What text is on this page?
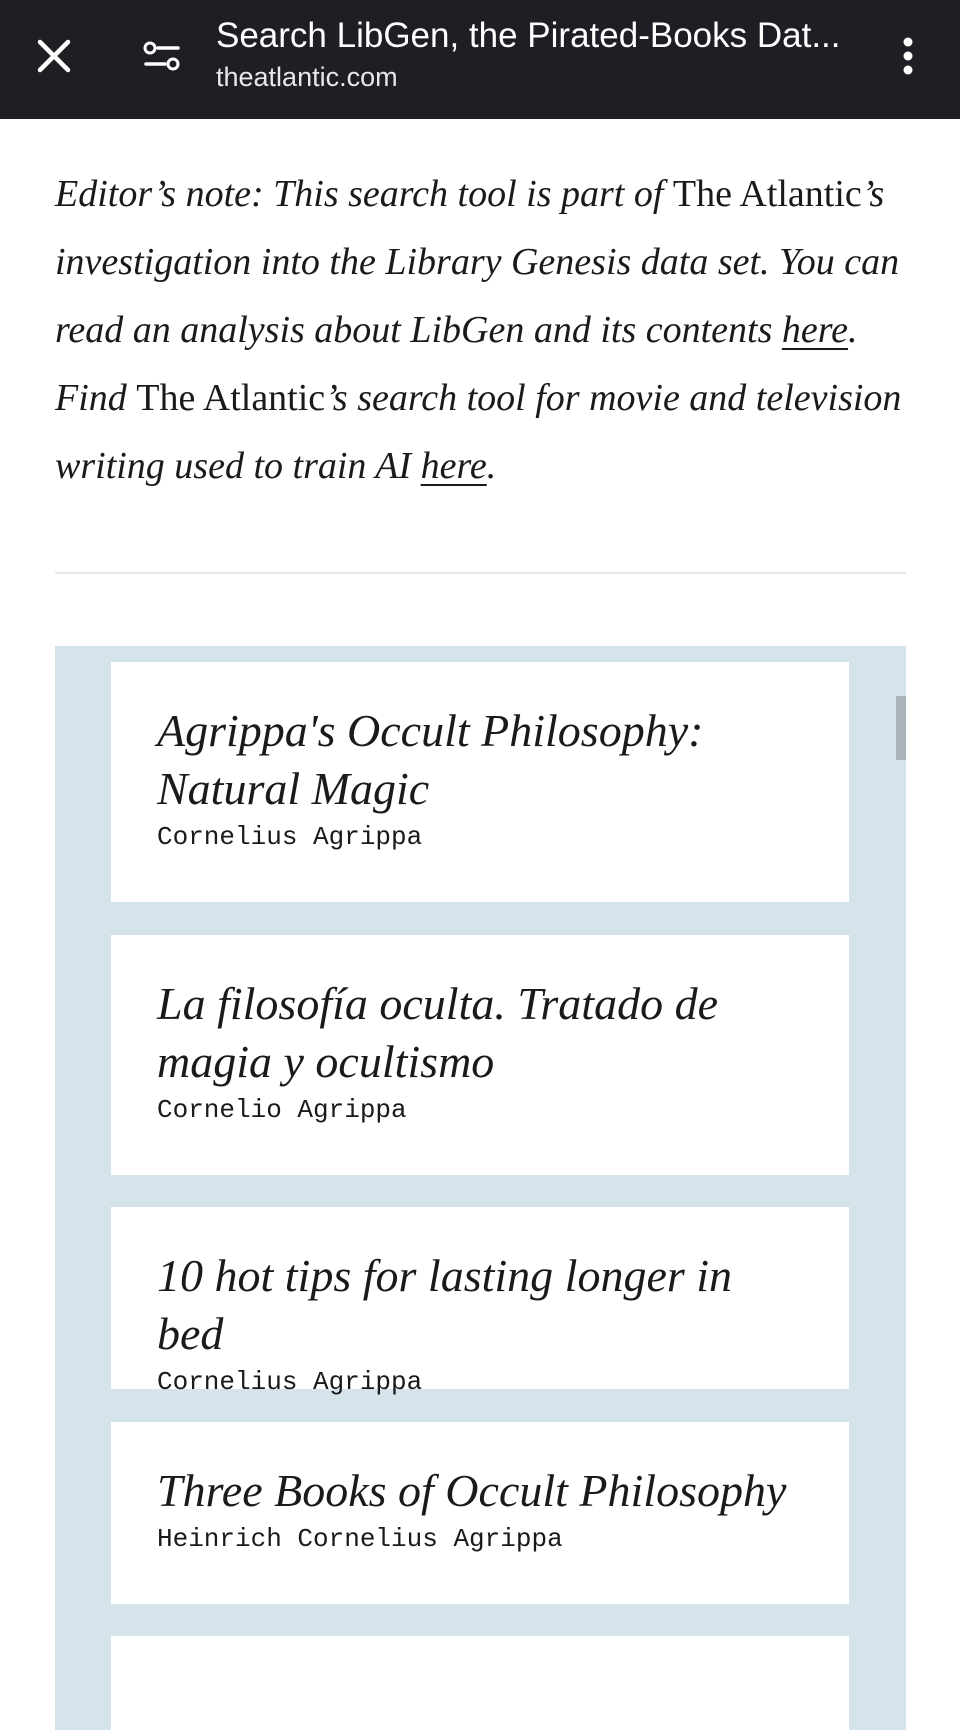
Search LibGen, the Pirated-Books Dat...
theatlantic.com
Editor’s note: This search tool is part of The Atlantic’s investigation into the Library Genesis data set. You can read an analysis about LibGen and its contents here. Find The Atlantic’s search tool for movie and television writing used to train AI here.
Agrippa's Occult Philosophy: Natural Magic
Cornelius Agrippa
La filosofía oculta. Tratado de magia y ocultismo
Cornelio Agrippa
10 hot tips for lasting longer in bed
Cornelius Agrippa
Three Books of Occult Philosophy
Heinrich Cornelius Agrippa
